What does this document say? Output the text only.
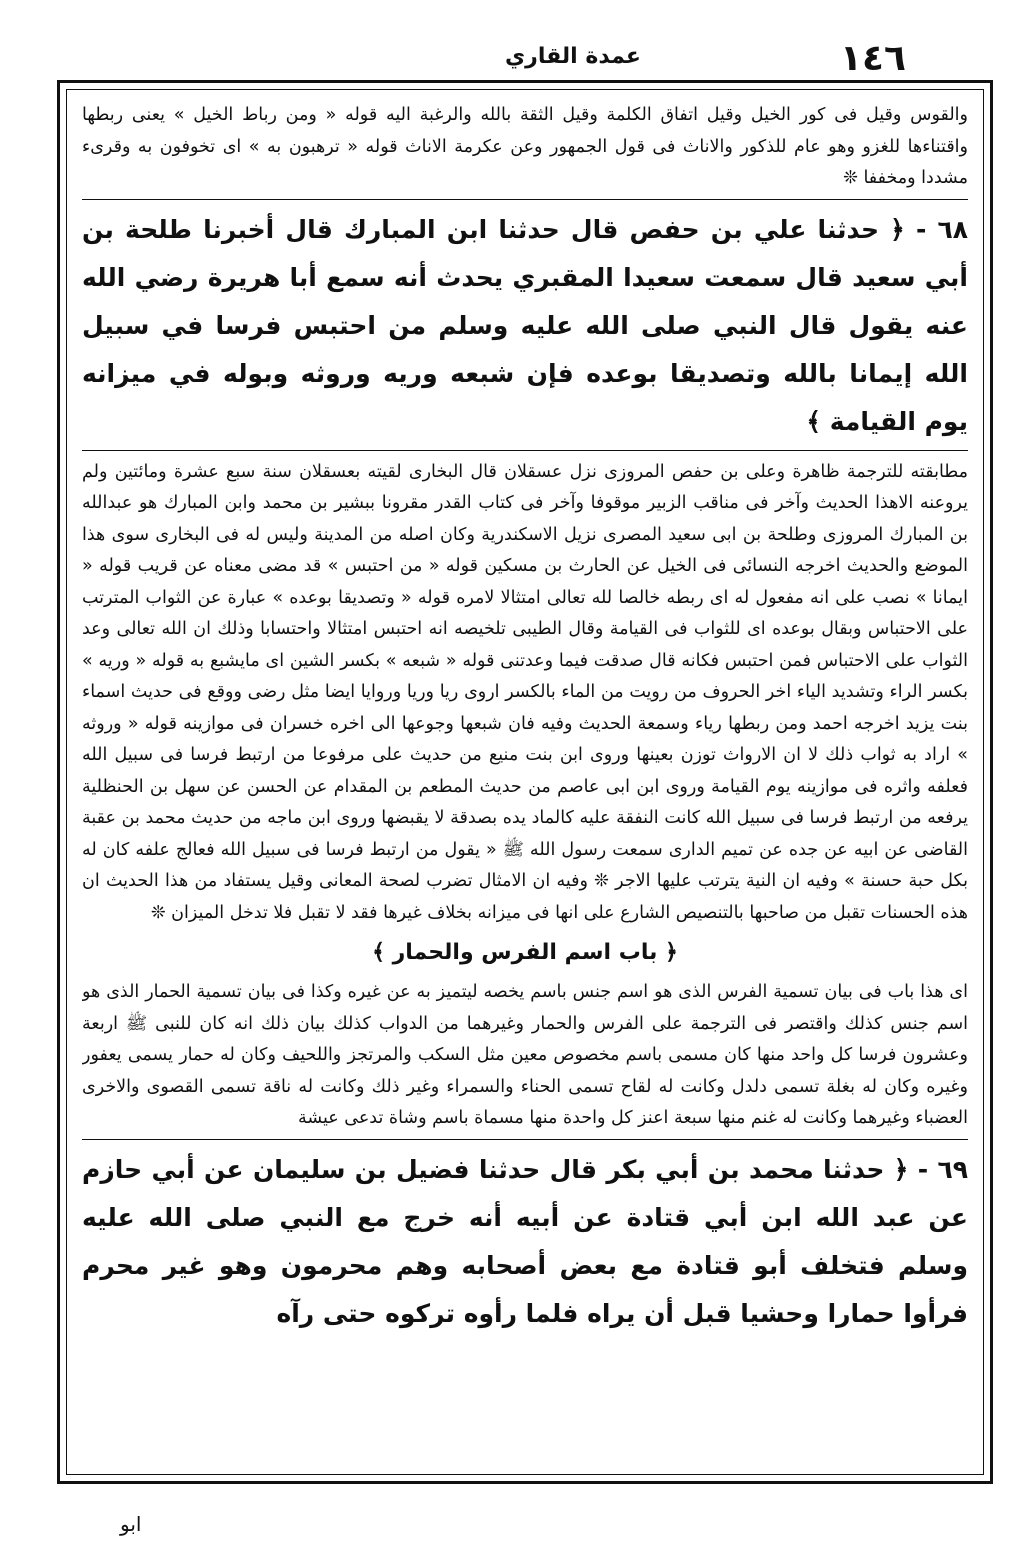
١٤٦
عمدة القاري

والقوس وقيل فى كور الخيل وقيل اتفاق الكلمة وقيل الثقة بالله والرغبة اليه قوله « ومن رباط الخيل » يعنى ربطها واقتناءها للغزو وهو عام للذكور والاناث فى قول الجمهور وعن عكرمة الاناث قوله « ترهبون به » اى تخوفون به وقرىء مشددا ومخففا ❊

٦٨ - ﴿ حدثنا علي بن حفص قال حدثنا ابن المبارك قال أخبرنا طلحة بن أبي سعيد قال سمعت سعيدا المقبري يحدث أنه سمع أبا هريرة رضي الله عنه يقول قال النبي صلى الله عليه وسلم من احتبس فرسا في سبيل الله إيمانا بالله وتصديقا بوعده فإن شبعه وريه وروثه وبوله في ميزانه يوم القيامة ﴾

مطابقته للترجمة ظاهرة وعلى بن حفص المروزى نزل عسقلان قال البخارى لقيته بعسقلان سنة سبع عشرة ومائتين ولم يروعنه الاهذا الحديث وآخر فى مناقب الزبير موقوفا وآخر فى كتاب القدر مقرونا ببشير بن محمد وابن المبارك هو عبدالله بن المبارك المروزى وطلحة بن ابى سعيد المصرى نزيل الاسكندرية وكان اصله من المدينة وليس له فى البخارى سوى هذا الموضع والحديث اخرجه النسائى فى الخيل عن الحارث بن مسكين قوله « من احتبس » قد مضى معناه عن قريب قوله « ايمانا » نصب على انه مفعول له اى ربطه خالصا لله تعالى امتثالا لامره قوله « وتصديقا بوعده » عبارة عن الثواب المترتب على الاحتباس وبقال بوعده اى للثواب فى القيامة وقال الطيبى تلخيصه انه احتبس امتثالا واحتسابا وذلك ان الله تعالى وعد الثواب على الاحتباس فمن احتبس فكانه قال صدقت فيما وعدتنى قوله « شبعه » بكسر الشين اى مايشبع به قوله « وريه » بكسر الراء وتشديد الياء اخر الحروف من رويت من الماء بالكسر اروى ريا وريا وروايا ايضا مثل رضى ووقع فى حديث اسماء بنت يزيد اخرجه احمد ومن ربطها رياء وسمعة الحديث وفيه فان شبعها وجوعها الى اخره خسران فى موازينه قوله « وروثه » اراد به ثواب ذلك لا ان الارواث توزن بعينها وروى ابن بنت منيع من حديث على مرفوعا من ارتبط فرسا فى سبيل الله فعلفه واثره فى موازينه يوم القيامة وروى ابن ابى عاصم من حديث المطعم بن المقدام عن الحسن عن سهل بن الحنظلية يرفعه من ارتبط فرسا فى سبيل الله كانت النفقة عليه كالماد يده بصدقة لا يقبضها وروى ابن ماجه من حديث محمد بن عقبة القاضى عن ابيه عن جده عن تميم الدارى سمعت رسول الله ﷺ « يقول من ارتبط فرسا فى سبيل الله فعالج علفه كان له بكل حبة حسنة » وفيه ان النية يترتب عليها الاجر ❊ وفيه ان الامثال تضرب لصحة المعانى وقيل يستفاد من هذا الحديث ان هذه الحسنات تقبل من صاحبها بالتنصيص الشارع على انها فى ميزانه بخلاف غيرها فقد لا تقبل فلا تدخل الميزان ❊

﴿ باب اسم الفرس والحمار ﴾

اى هذا باب فى بيان تسمية الفرس الذى هو اسم جنس باسم يخصه ليتميز به عن غيره وكذا فى بيان تسمية الحمار الذى هو اسم جنس كذلك واقتصر فى الترجمة على الفرس والحمار وغيرهما من الدواب كذلك بيان ذلك انه كان للنبى ﷺ اربعة وعشرون فرسا كل واحد منها كان مسمى باسم مخصوص معين مثل السكب والمرتجز واللحيف وكان له حمار يسمى يعفور وغيره وكان له بغلة تسمى دلدل وكانت له لقاح تسمى الحناء والسمراء وغير ذلك وكانت له ناقة تسمى القصوى والاخرى العضباء وغيرهما وكانت له غنم منها سبعة اعنز كل واحدة منها مسماة باسم وشاة تدعى عيشة

٦٩ - ﴿ حدثنا محمد بن أبي بكر قال حدثنا فضيل بن سليمان عن أبي حازم عن عبد الله ابن أبي قتادة عن أبيه أنه خرج مع النبي صلى الله عليه وسلم فتخلف أبو قتادة مع بعض أصحابه وهم محرمون وهو غير محرم فرأوا حمارا وحشيا قبل أن يراه فلما رأوه تركوه حتى رآه

ابو
